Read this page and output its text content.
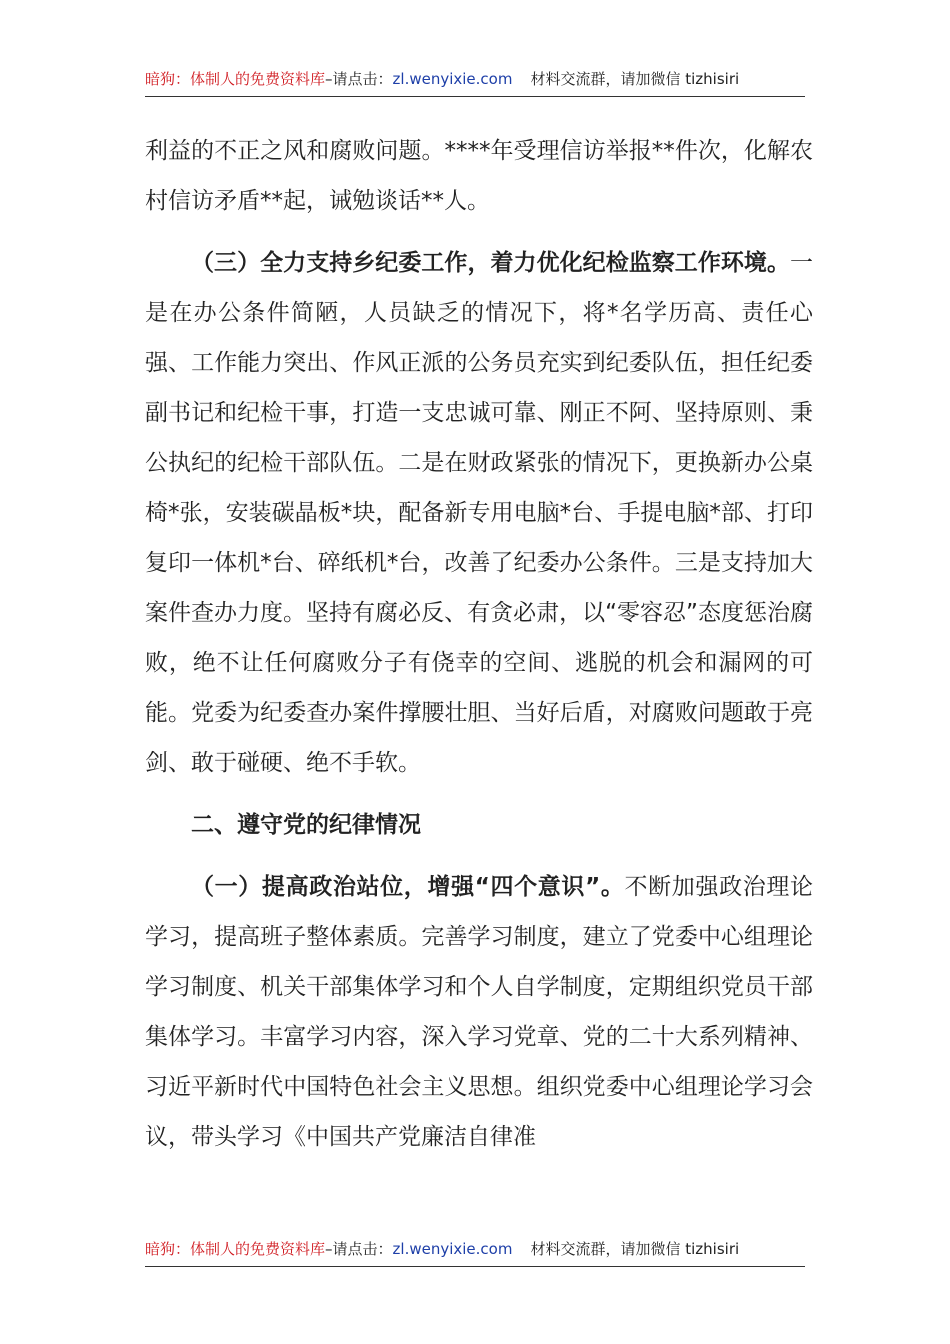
暗狗：体制人的免费资料库–请点击：zl.wenyixie.com 材料交流群，请加微信 tizhisiri

利益的不正之风和腐败问题。****年受理信访举报**件次，化解农村信访矛盾**起，诫勉谈话**人。

（三）全力支持乡纪委工作，着力优化纪检监察工作环境。一是在办公条件简陋，人员缺乏的情况下，将*名学历高、责任心强、工作能力突出、作风正派的公务员充实到纪委队伍，担任纪委副书记和纪检干事，打造一支忠诚可靠、刚正不阿、坚持原则、秉公执纪的纪检干部队伍。二是在财政紧张的情况下，更换新办公桌椅*张，安装碳晶板*块，配备新专用电脑*台、手提电脑*部、打印复印一体机*台、碎纸机*台，改善了纪委办公条件。三是支持加大案件查办力度。坚持有腐必反、有贪必肃，以“零容忍”态度惩治腐败，绝不让任何腐败分子有侥幸的空间、逃脱的机会和漏网的可能。党委为纪委查办案件撑腰壮胆、当好后盾，对腐败问题敢于亮剑、敢于碰硬、绝不手软。

二、遵守党的纪律情况

（一）提高政治站位，增强“四个意识”。不断加强政治理论学习，提高班子整体素质。完善学习制度，建立了党委中心组理论学习制度、机关干部集体学习和个人自学制度，定期组织党员干部集体学习。丰富学习内容，深入学习党章、党的二十大系列精神、习近平新时代中国特色社会主义思想。组织党委中心组理论学习会议，带头学习《中国共产党廉洁自律准

暗狗：体制人的免费资料库–请点击：zl.wenyixie.com 材料交流群，请加微信 tizhisiri
